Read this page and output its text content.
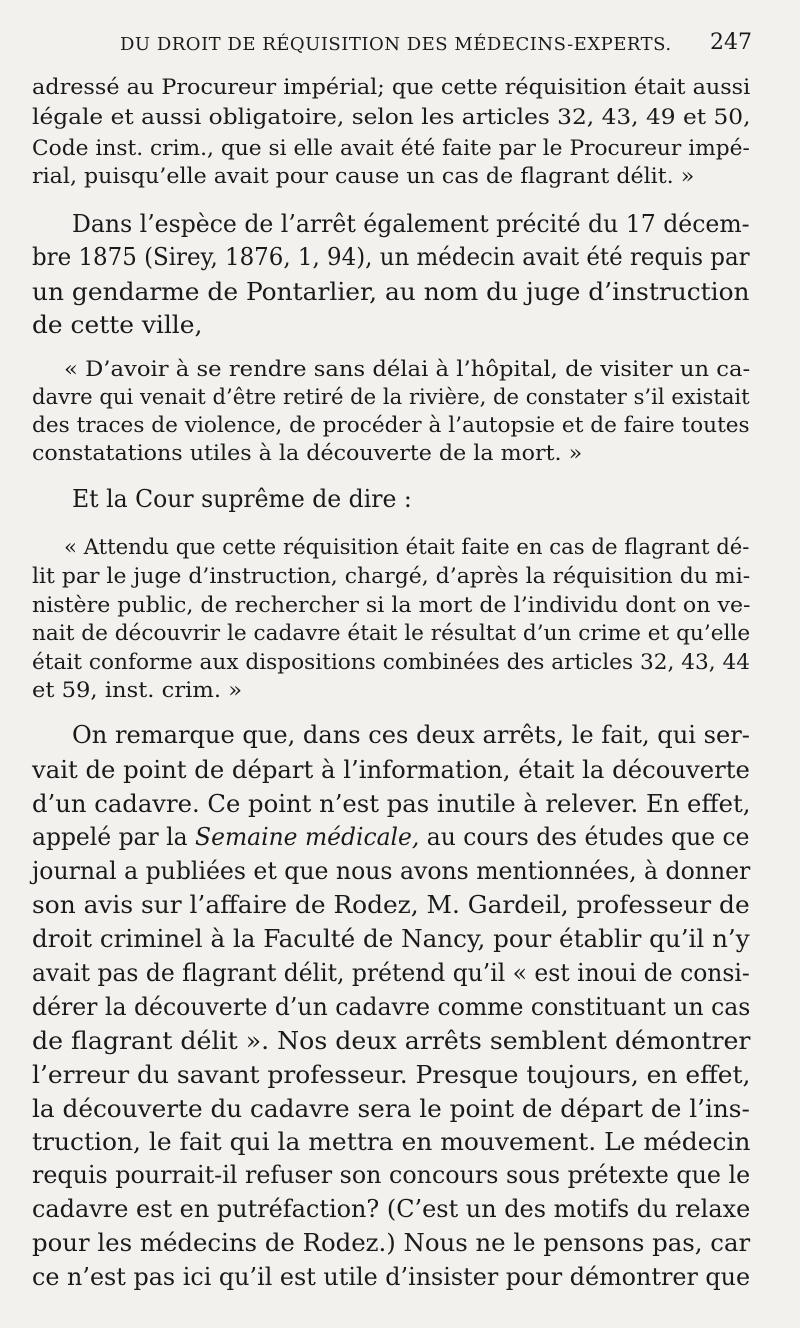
DU DROIT DE RÉQUISITION DES MÉDECINS-EXPERTS. 247
adressé au Procureur impérial; que cette réquisition était aussi
légale et aussi obligatoire, selon les articles 32, 43, 49 et 50,
Code inst. crim., que si elle avait été faite par le Procureur impé-
rial, puisqu’elle avait pour cause un cas de flagrant délit. »
Dans l’espèce de l’arrêt également précité du 17 décem-
bre 1875 (Sirey, 1876, 1, 94), un médecin avait été requis par
un gendarme de Pontarlier, au nom du juge d’instruction
de cette ville,
« D’avoir à se rendre sans délai à l’hôpital, de visiter un ca-
davre qui venait d’être retiré de la rivière, de constater s’il existait
des traces de violence, de procéder à l’autopsie et de faire toutes
constatations utiles à la découverte de la mort. »
Et la Cour suprême de dire :
« Attendu que cette réquisition était faite en cas de flagrant dé-
lit par le juge d’instruction, chargé, d’après la réquisition du mi-
nistère public, de rechercher si la mort de l’individu dont on ve-
nait de découvrir le cadavre était le résultat d’un crime et qu’elle
était conforme aux dispositions combinées des articles 32, 43, 44
et 59, inst. crim. »
On remarque que, dans ces deux arrêts, le fait, qui ser-
vait de point de départ à l’information, était la découverte
d’un cadavre. Ce point n’est pas inutile à relever. En effet,
appelé par la Semaine médicale, au cours des études que ce
journal a publiées et que nous avons mentionnées, à donner
son avis sur l’affaire de Rodez, M. Gardeil, professeur de
droit criminel à la Faculté de Nancy, pour établir qu’il n’y
avait pas de flagrant délit, prétend qu’il « est inoui de consi-
dérer la découverte d’un cadavre comme constituant un cas
de flagrant délit ». Nos deux arrêts semblent démontrer
l’erreur du savant professeur. Presque toujours, en effet,
la découverte du cadavre sera le point de départ de l’ins-
truction, le fait qui la mettra en mouvement. Le médecin
requis pourrait-il refuser son concours sous prétexte que le
cadavre est en putréfaction? (C’est un des motifs du relaxe
pour les médecins de Rodez.) Nous ne le pensons pas, car
ce n’est pas ici qu’il est utile d’insister pour démontrer que
